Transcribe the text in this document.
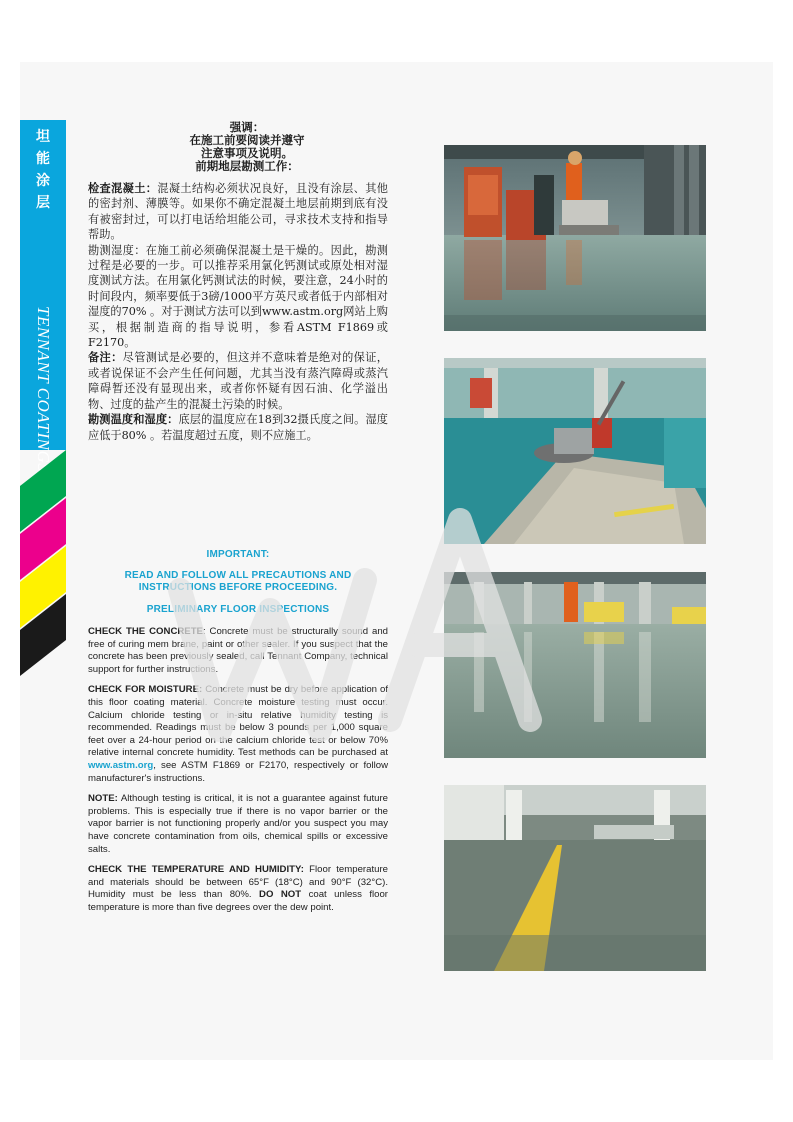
坦
能
涂
层
TENNANT COATINGS
强调：
在施工前要阅读并遵守
注意事项及说明。
前期地层勘测工作：

检查混凝土：混凝土结构必须状况良好，且没有涂层、其他的密封剂、薄膜等。如果你不确定混凝土地层前期到底有没有被密封过，可以打电话给坦能公司，寻求技术支持和指导帮助。

勘测湿度：在施工前必须确保混凝土是干燥的。因此，勘测过程是必要的一步。可以推荐采用氯化钙测试或原处相对湿度测试方法。在用氯化钙测试法的时候，要注意，24小时的时间段内，频率要低于3磅/1000平方英尺或者低于内部相对湿度的70% 。对于测试方法可以到www.astm.org网站上购买，根据制造商的指导说明，参看ASTM F1869或F2170。

备注：尽管测试是必要的，但这并不意味着是绝对的保证，或者说保证不会产生任何问题，尤其当没有蒸汽障碍或蒸汽障碍暂还没有显现出来，或者你怀疑有因石油、化学溢出物、过度的盐产生的混凝土污染的时候。

勘测温度和湿度：底层的温度应在18到32摄氏度之间。湿度应低于80% 。若温度超过五度，则不应施工。

IMPORTANT:
READ AND FOLLOW ALL PRECAUTIONS AND INSTRUCTIONS BEFORE PROCEEDING.
PRELIMINARY FLOOR INSPECTIONS

CHECK THE CONCRETE: Concrete must be structurally sound and free of curing mem brane, paint or other sealer. If you suspect that the concrete has been previously sealed, call Tennant Company, technical support for further instructions.

CHECK FOR MOISTURE: Concrete must be dry before application of this floor coating material. Concrete moisture testing must occur. Calcium chloride testing or in-situ relative humidity testing is recommended. Readings must be below 3 pounds per 1,000 square feet over a 24-hour period on the calcium chloride test or below 70% relative internal concrete humidity. Test methods can be purchased at www.astm.org, see ASTM F1869 or F2170, respectively or follow manufacturer's instructions.

NOTE: Although testing is critical, it is not a guarantee against future problems. This is especially true if there is no vapor barrier or the vapor barrier is not functioning properly and/or you suspect you may have concrete contamination from oils, chemical spills or excessive salts.

CHECK THE TEMPERATURE AND HUMIDITY: Floor temperature and materials should be between 65°F (18°C) and 90°F (32°C). Humidity must be less than 80%. DO NOT coat unless floor temperature is more than five degrees over the dew point.
